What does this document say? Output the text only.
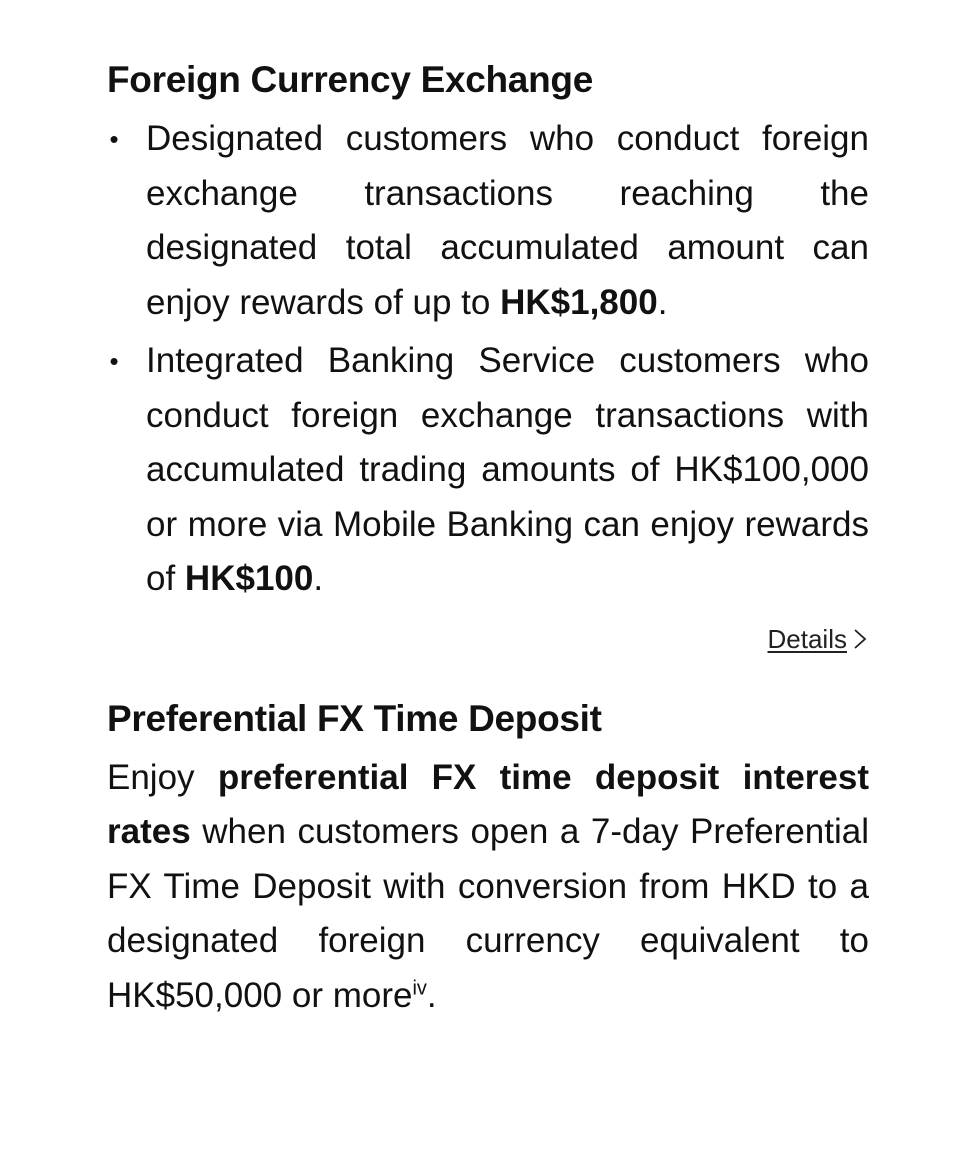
Foreign Currency Exchange
• Designated customers who conduct foreign exchange transactions reaching the designated total accumulated amount can enjoy rewards of up to HK$1,800.
• Integrated Banking Service customers who conduct foreign exchange transactions with accumulated trading amounts of HK$100,000 or more via Mobile Banking can enjoy rewards of HK$100.
Details
Preferential FX Time Deposit

Enjoy preferential FX time deposit interest rates when customers open a 7-day Preferential FX Time Deposit with conversion from HKD to a designated foreign currency equivalent to HK$50,000 or more$^{iv}$.
